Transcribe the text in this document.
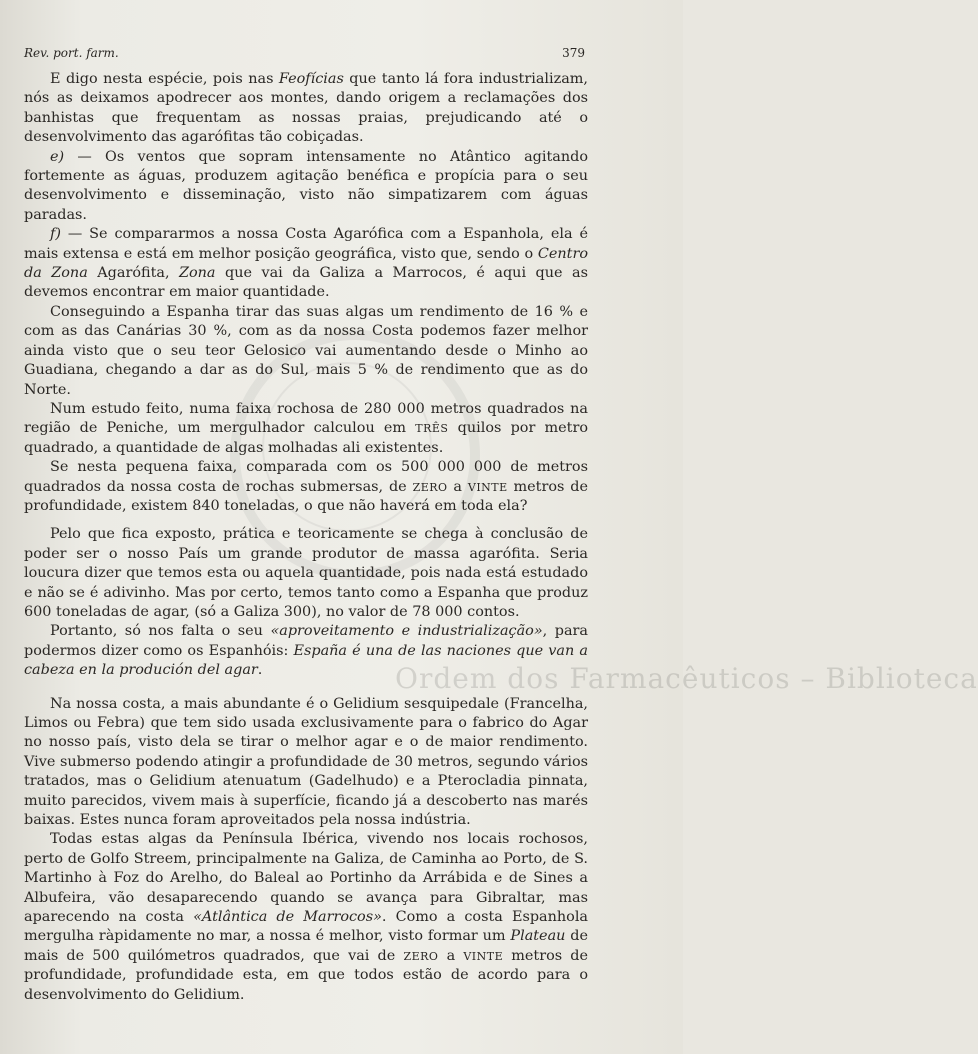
Ordem dos Farmacêuticos – Biblioteca
Rev. port. farm.	379

E digo nesta espécie, pois nas Feofícias que tanto lá fora industrializam, nós as deixamos apodrecer aos montes, dando origem a reclamações dos banhistas que frequentam as nossas praias, prejudicando até o desenvolvimento das agarófitas tão cobiçadas.

e) — Os ventos que sopram intensamente no Atântico agitando fortemente as águas, produzem agitação benéfica e propícia para o seu desenvolvimento e disseminação, visto não simpatizarem com águas paradas.

f) — Se compararmos a nossa Costa Agarófica com a Espanhola, ela é mais extensa e está em melhor posição geográfica, visto que, sendo o Centro da Zona Agarófita, Zona que vai da Galiza a Marrocos, é aqui que as devemos encontrar em maior quantidade.

Conseguindo a Espanha tirar das suas algas um rendimento de 16 % e com as das Canárias 30 %, com as da nossa Costa podemos fazer melhor ainda visto que o seu teor Gelosico vai aumentando desde o Minho ao Guadiana, chegando a dar as do Sul, mais 5 % de rendimento que as do Norte.

Num estudo feito, numa faixa rochosa de 280 000 metros quadrados na região de Peniche, um mergulhador calculou em TRÊS quilos por metro quadrado, a quantidade de algas molhadas ali existentes.

Se nesta pequena faixa, comparada com os 500 000 000 de metros quadrados da nossa costa de rochas submersas, de ZERO a VINTE metros de profundidade, existem 840 toneladas, o que não haverá em toda ela?

Pelo que fica exposto, prática e teoricamente se chega à conclusão de poder ser o nosso País um grande produtor de massa agarófita. Seria loucura dizer que temos esta ou aquela quantidade, pois nada está estudado e não se é adivinho. Mas por certo, temos tanto como a Espanha que produz 600 toneladas de agar, (só a Galiza 300), no valor de 78 000 contos.

Portanto, só nos falta o seu «aproveitamento e industrialização», para podermos dizer como os Espanhóis: España é una de las naciones que van a cabeza en la produción del agar.

Na nossa costa, a mais abundante é o Gelidium sesquipedale (Francelha, Limos ou Febra) que tem sido usada exclusivamente para o fabrico do Agar no nosso país, visto dela se tirar o melhor agar e o de maior rendimento. Vive submerso podendo atingir a profundidade de 30 metros, segundo vários tratados, mas o Gelidium atenuatum (Gadelhudo) e a Pterocladia pinnata, muito parecidos, vivem mais à superfície, ficando já a descoberto nas marés baixas. Estes nunca foram aproveitados pela nossa indústria.

Todas estas algas da Península Ibérica, vivendo nos locais rochosos, perto de Golfo Streem, principalmente na Galiza, de Caminha ao Porto, de S. Martinho à Foz do Arelho, do Baleal ao Portinho da Arrábida e de Sines a Albufeira, vão desaparecendo quando se avança para Gibraltar, mas aparecendo na costa «Atlântica de Marrocos». Como a costa Espanhola mergulha ràpidamente no mar, a nossa é melhor, visto formar um Plateau de mais de 500 quilómetros quadrados, que vai de ZERO a VINTE metros de profundidade, profundidade esta, em que todos estão de acordo para o desenvolvimento do Gelidium.
